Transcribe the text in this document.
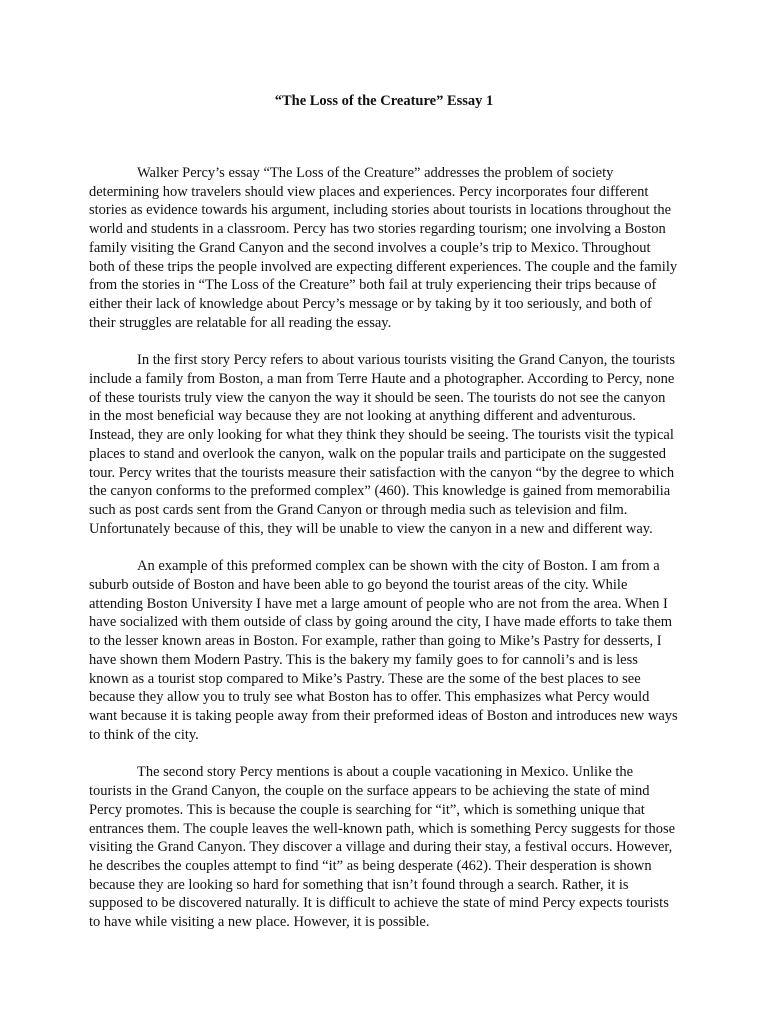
“The Loss of the Creature” Essay 1

Walker Percy’s essay “The Loss of the Creature” addresses the problem of society determining how travelers should view places and experiences. Percy incorporates four different stories as evidence towards his argument, including stories about tourists in locations throughout the world and students in a classroom. Percy has two stories regarding tourism; one involving a Boston family visiting the Grand Canyon and the second involves a couple’s trip to Mexico. Throughout both of these trips the people involved are expecting different experiences. The couple and the family from the stories in “The Loss of the Creature” both fail at truly experiencing their trips because of either their lack of knowledge about Percy’s message or by taking by it too seriously, and both of their struggles are relatable for all reading the essay.

In the first story Percy refers to about various tourists visiting the Grand Canyon, the tourists include a family from Boston, a man from Terre Haute and a photographer. According to Percy, none of these tourists truly view the canyon the way it should be seen. The tourists do not see the canyon in the most beneficial way because they are not looking at anything different and adventurous. Instead, they are only looking for what they think they should be seeing. The tourists visit the typical places to stand and overlook the canyon, walk on the popular trails and participate on the suggested tour. Percy writes that the tourists measure their satisfaction with the canyon “by the degree to which the canyon conforms to the preformed complex” (460). This knowledge is gained from memorabilia such as post cards sent from the Grand Canyon or through media such as television and film. Unfortunately because of this, they will be unable to view the canyon in a new and different way.

An example of this preformed complex can be shown with the city of Boston. I am from a suburb outside of Boston and have been able to go beyond the tourist areas of the city. While attending Boston University I have met a large amount of people who are not from the area. When I have socialized with them outside of class by going around the city, I have made efforts to take them to the lesser known areas in Boston. For example, rather than going to Mike’s Pastry for desserts, I have shown them Modern Pastry. This is the bakery my family goes to for cannoli’s and is less known as a tourist stop compared to Mike’s Pastry. These are the some of the best places to see because they allow you to truly see what Boston has to offer. This emphasizes what Percy would want because it is taking people away from their preformed ideas of Boston and introduces new ways to think of the city.

The second story Percy mentions is about a couple vacationing in Mexico. Unlike the tourists in the Grand Canyon, the couple on the surface appears to be achieving the state of mind Percy promotes. This is because the couple is searching for “it”, which is something unique that entrances them. The couple leaves the well-known path, which is something Percy suggests for those visiting the Grand Canyon. They discover a village and during their stay, a festival occurs. However, he describes the couples attempt to find “it” as being desperate (462). Their desperation is shown because they are looking so hard for something that isn’t found through a search. Rather, it is supposed to be discovered naturally. It is difficult to achieve the state of mind Percy expects tourists to have while visiting a new place. However, it is possible.
